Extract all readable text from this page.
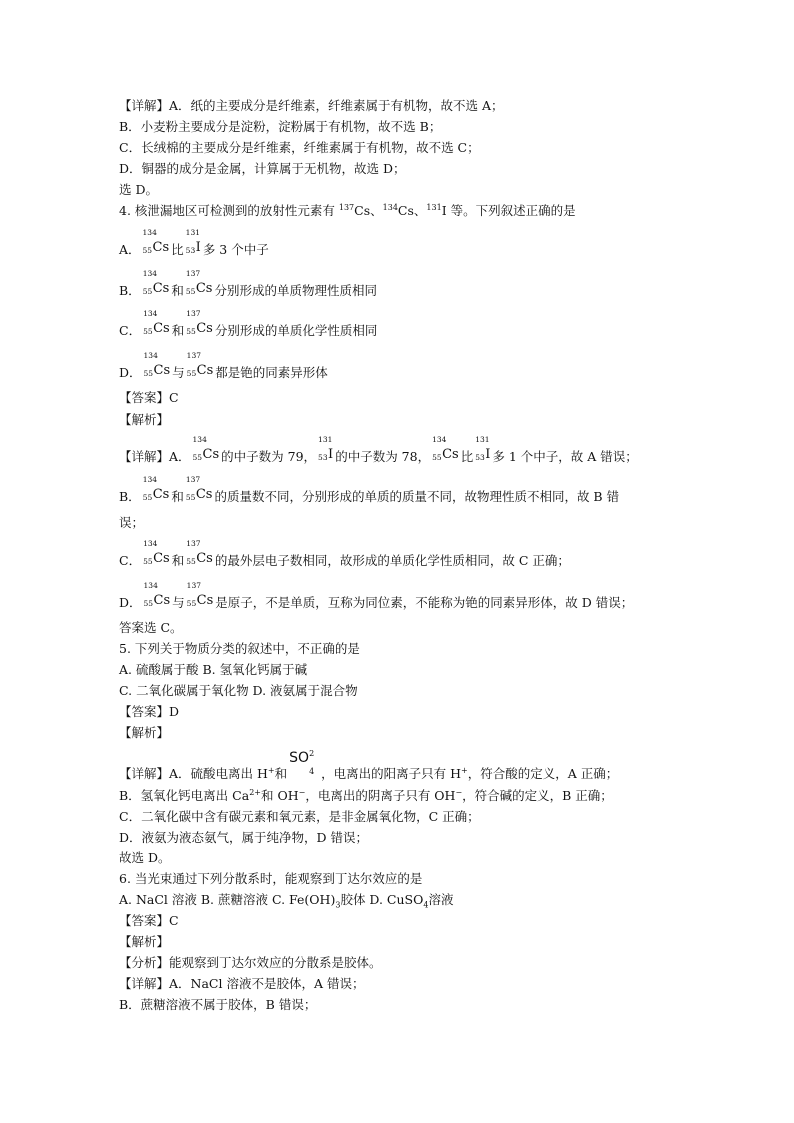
【详解】A．纸的主要成分是纤维素，纤维素属于有机物，故不选 A；
B．小麦粉主要成分是淀粉，淀粉属于有机物，故不选 B；
C．长绒棉的主要成分是纤维素，纤维素属于有机物，故不选 C；
D．铜器的成分是金属，计算属于无机物，故选 D；
选 D。
4. 核泄漏地区可检测到的放射性元素有 $^{137}$Cs、$^{134}$Cs、$^{131}$I 等。下列叙述正确的是
A．
134
55 Cs 比
131
53 I 多 3 个中子
B．
134
55 Cs 和
137
55 Cs 分别形成的单质物理性质相同
C．
134
55 Cs 和
137
55 Cs 分别形成的单质化学性质相同
D．
134
55 Cs 与
137
55 Cs 都是铯的同素异形体
【答案】C
【解析】
【详解】A．
134
55 Cs 的中子数为 79，
131
53 I 的中子数为 78，
134
55 Cs 比
131
53 I 多 1 个中子，故 A 错误；
B．
134
55 Cs 和
137
55 Cs 的质量数不同，分别形成的单质的质量不同，故物理性质不相同，故 B 错
误；
C．
134
55 Cs 和
137
55 Cs 的最外层电子数相同，故形成的单质化学性质相同，故 C 正确；
D．
134
55 Cs 与
137
55 Cs 是原子，不是单质，互称为同位素，不能称为铯的同素异形体，故 D 错误；
答案选 C。
5. 下列关于物质分类的叙述中，不正确的是
A. 硫酸属于酸 B. 氢氧化钙属于碱
C. 二氧化碳属于氧化物 D. 液氨属于混合物
【答案】D
【解析】
【详解】A．硫酸电离出 H+和
SO 2
4 ，电离出的阳离子只有 H+，符合酸的定义，A 正确；
B．氢氧化钙电离出 $Ca^{2+}$和 OH−，电离出的阴离子只有 OH−，符合碱的定义，B 正确；
C．二氧化碳中含有碳元素和氧元素，是非金属氧化物，C 正确；
D．液氨为液态氨气，属于纯净物，D 错误；
故选 D。
6. 当光束通过下列分散系时，能观察到丁达尔效应的是
A. NaCl 溶液 B. 蔗糖溶液 C. $Fe(OH)_3$胶体 D. CuSO$_4$溶液
【答案】C
【解析】
【分析】能观察到丁达尔效应的分散系是胶体。
【详解】A．NaCl 溶液不是胶体，A 错误；
B．蔗糖溶液不属于胶体，B 错误；
